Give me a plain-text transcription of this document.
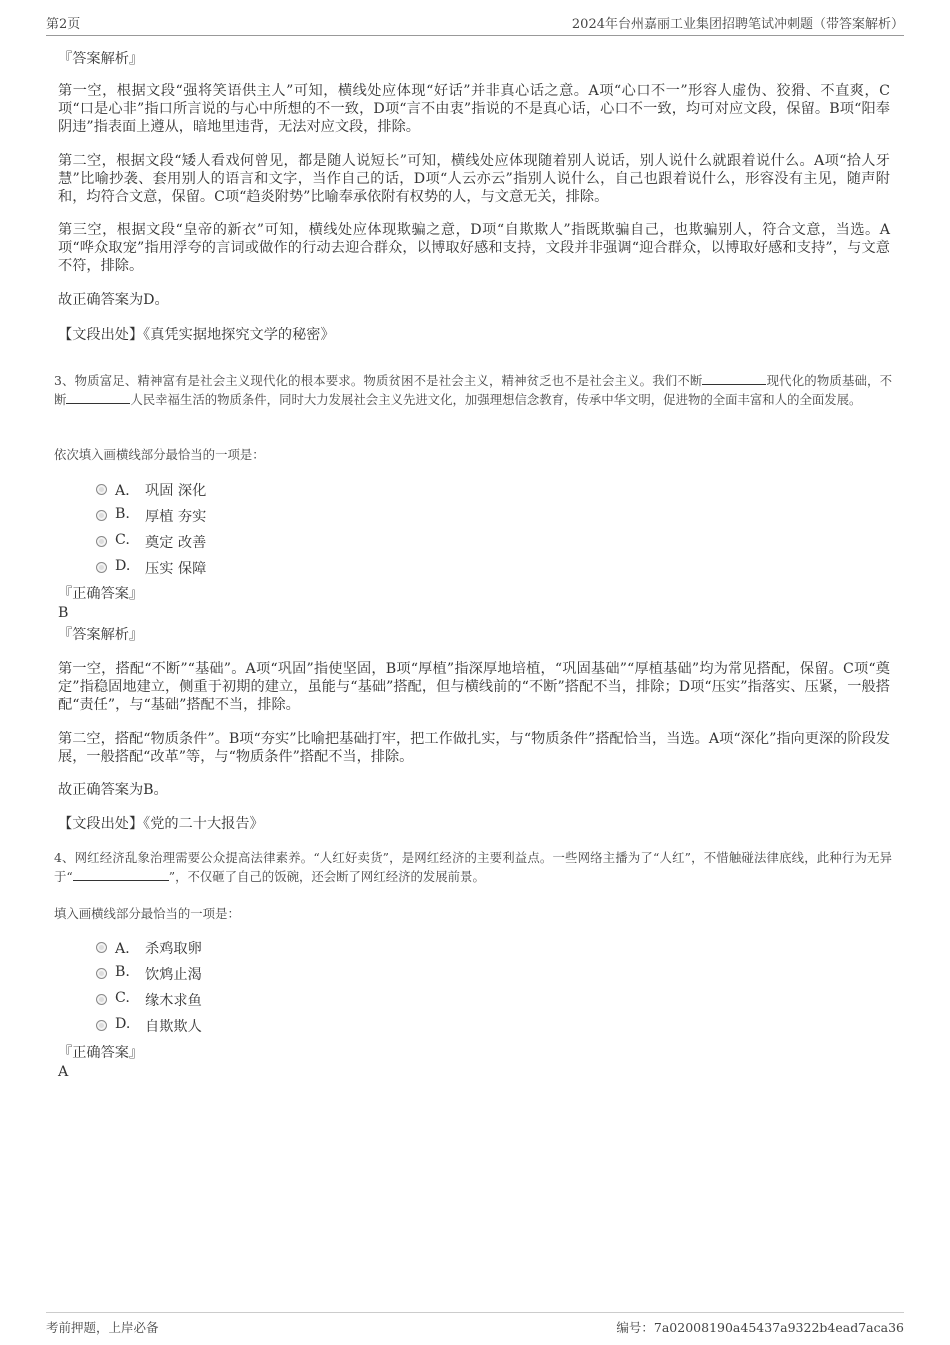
第2页	2024年台州嘉丽工业集团招聘笔试冲刺题（带答案解析）
『答案解析』
第一空，根据文段“强将笑语供主人”可知，横线处应体现“好话”并非真心话之意。A项“心口不一”形容人虚伪、狡猾、不直爽，C项“口是心非”指口所言说的与心中所想的不一致，D项“言不由衷”指说的不是真心话，心口不一致，均可对应文段，保留。B项“阳奉阴违”指表面上遵从，暗地里违背，无法对应文段，排除。
第二空，根据文段“矮人看戏何曾见，都是随人说短长”可知，横线处应体现随着别人说话，别人说什么就跟着说什么。A项“拾人牙慧”比喻抄袭、套用别人的语言和文字，当作自己的话，D项“人云亦云”指别人说什么，自己也跟着说什么，形容没有主见，随声附和，均符合文意，保留。C项“趋炎附势”比喻奉承依附有权势的人，与文意无关，排除。
第三空，根据文段“皇帝的新衣”可知，横线处应体现欺骗之意，D项“自欺欺人”指既欺骗自己，也欺骗别人，符合文意，当选。A项“哗众取宠”指用浮夸的言词或做作的行动去迎合群众，以博取好感和支持，文段并非强调“迎合群众，以博取好感和支持”，与文意不符，排除。
故正确答案为D。
【文段出处】《真凭实据地探究文学的秘密》
3、物质富足、精神富有是社会主义现代化的根本要求。物质贫困不是社会主义，精神贫乏也不是社会主义。我们不断	现代化的物质基础，不断	人民幸福生活的物质条件，同时大力发展社会主义先进文化，加强理想信念教育，传承中华文明，促进物的全面丰富和人的全面发展。
依次填入画横线部分最恰当的一项是：
A． 巩固 深化
B. 厚植 夯实
C. 奠定 改善
D. 压实 保障
『正确答案』
B
『答案解析』
第一空，搭配“不断”“基础”。A项“巩固”指使坚固，B项“厚植”指深厚地培植，“巩固基础”“厚植基础”均为常见搭配，保留。C项“奠定”指稳固地建立，侧重于初期的建立，虽能与“基础”搭配，但与横线前的“不断”搭配不当，排除；D项“压实”指落实、压紧，一般搭配“责任”，与“基础”搭配不当，排除。
第二空，搭配“物质条件”。B项“夯实”比喻把基础打牢，把工作做扎实，与“物质条件”搭配恰当，当选。A项“深化”指向更深的阶段发展，一般搭配“改革”等，与“物质条件”搭配不当，排除。
故正确答案为B。
【文段出处】《党的二十大报告》
4、网红经济乱象治理需要公众提高法律素养。“人红好卖货”，是网红经济的主要利益点。一些网络主播为了“人红”，不惜触碰法律底线，此种行为无异于“	”，不仅砸了自己的饭碗，还会断了网红经济的发展前景。
填入画横线部分最恰当的一项是：
A． 杀鸡取卵
B. 饮鸩止渴
C. 缘木求鱼
D. 自欺欺人
『正确答案』
A
考前押题，上岸必备	编号：7a02008190a45437a9322b4ead7aca36
